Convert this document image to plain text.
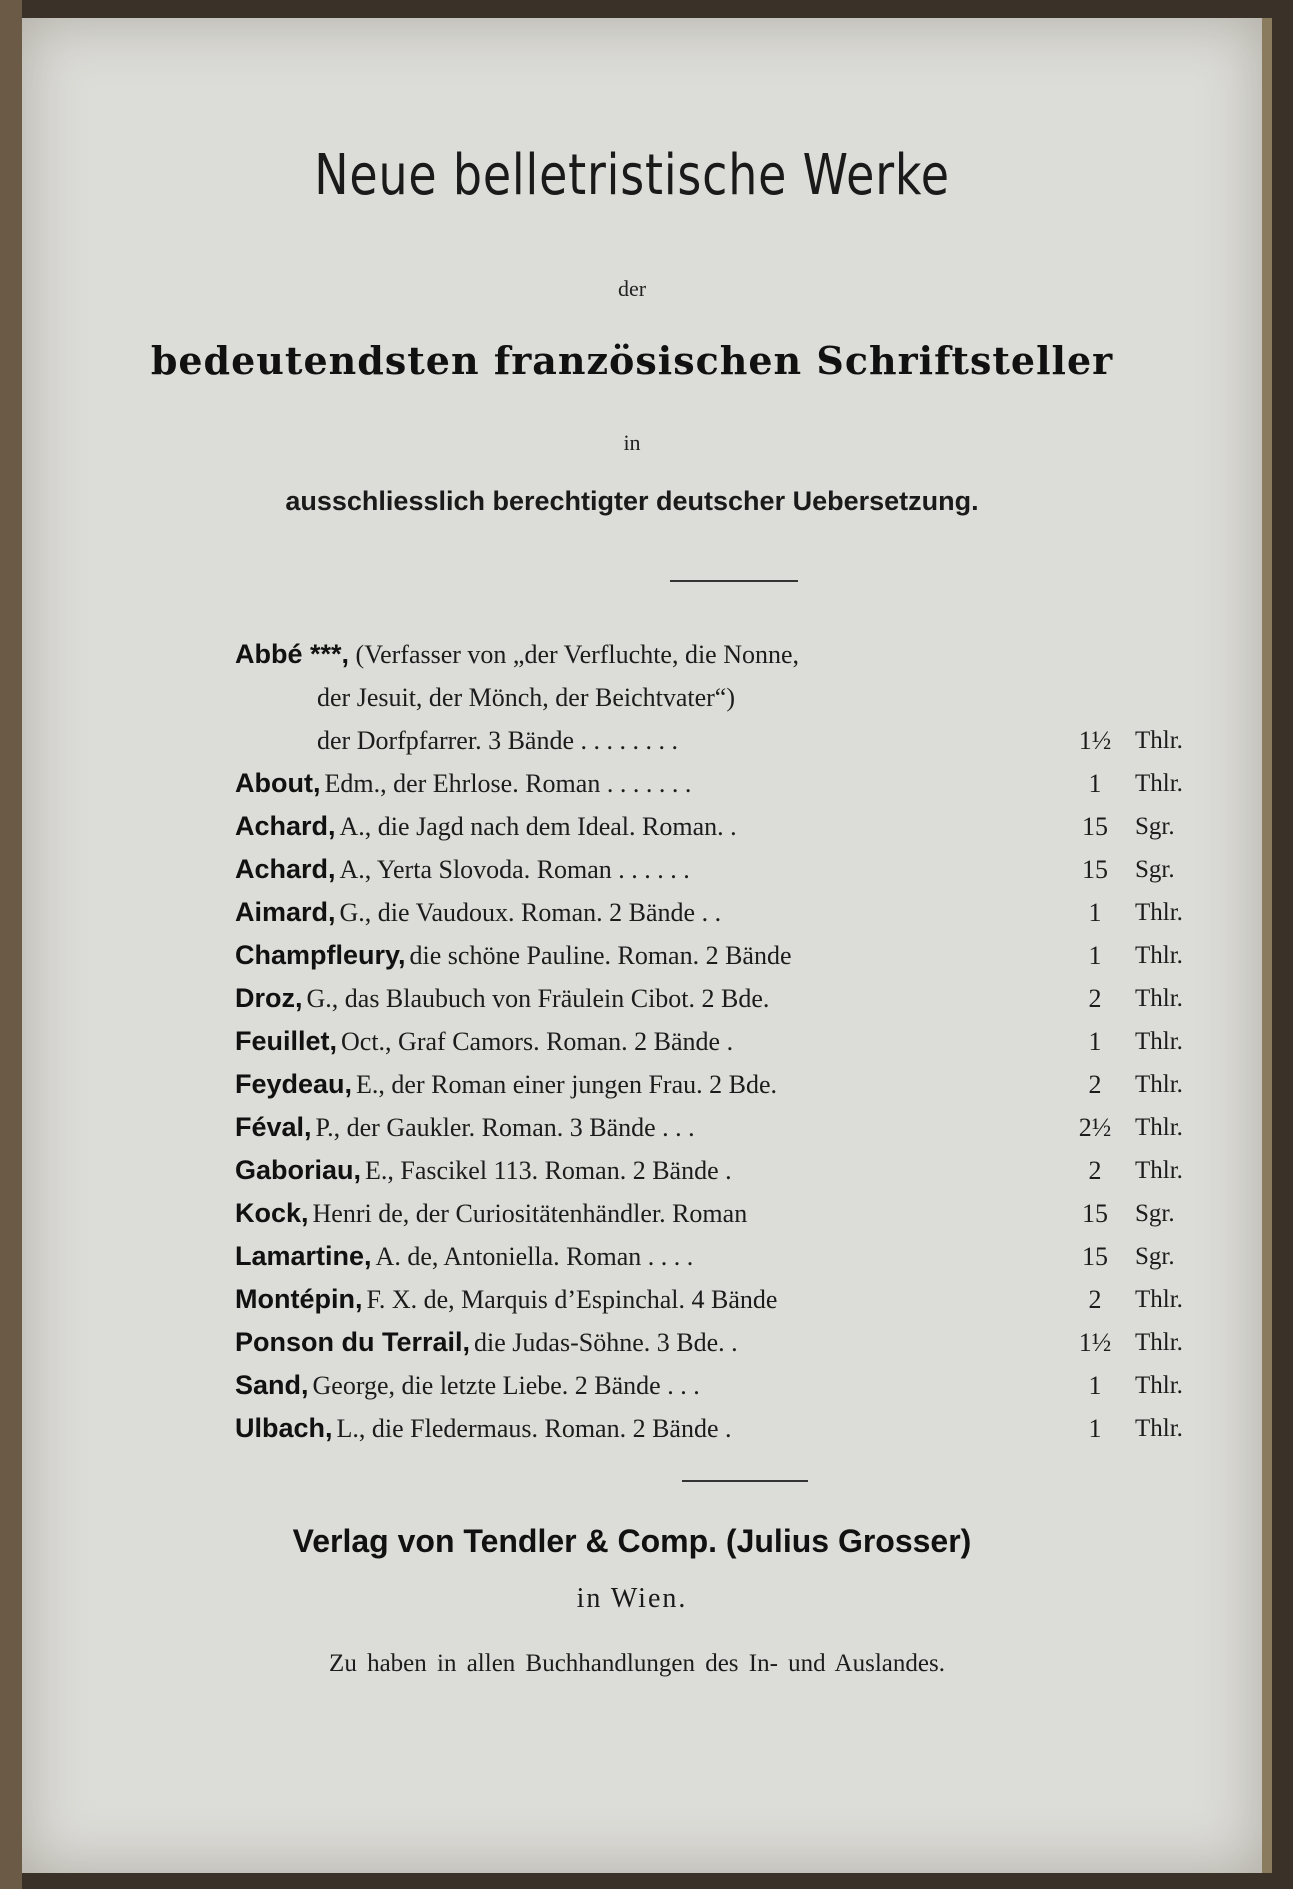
Neue belletristische Werke
der
bedeutendsten französischen Schriftsteller
in
ausschliesslich berechtigter deutscher Uebersetzung.
Abbé ***, (Verfasser von „der Verfluchte, die Nonne,
der Jesuit, der Mönch, der Beichtvater“)
der Dorfpfarrer. 3 Bände . . . . . . . .	1½ Thlr.
About, Edm., der Ehrlose. Roman . . . . . . .	1	Thlr.
Achard, A., die Jagd nach dem Ideal. Roman. .	15	Sgr.
Achard, A., Yerta Slovoda. Roman . . . . . .	15	Sgr.
Aimard, G., die Vaudoux. Roman. 2 Bände . .	1	Thlr.
Champfleury, die schöne Pauline. Roman. 2 Bände	1	Thlr.
Droz, G., das Blaubuch von Fräulein Cibot. 2 Bde.	2	Thlr.
Feuillet, Oct., Graf Camors. Roman. 2 Bände .	1	Thlr.
Feydeau, E., der Roman einer jungen Frau. 2 Bde.	2	Thlr.
Féval, P., der Gaukler. Roman. 3 Bände . . .	2½ Thlr.
Gaboriau, E., Fascikel 113. Roman. 2 Bände .	2	Thlr.
Kock, Henri de, der Curiositätenhändler. Roman	15	Sgr.
Lamartine, A. de, Antoniella. Roman . . . .	15	Sgr.
Montépin, F. X. de, Marquis d’Espinchal. 4 Bände	2	Thlr.
Ponson du Terrail, die Judas-Söhne. 3 Bde. .	1½ Thlr.
Sand, George, die letzte Liebe. 2 Bände . . .	1	Thlr.
Ulbach, L., die Fledermaus. Roman. 2 Bände .	1	Thlr.
Verlag von Tendler & Comp. (Julius Grosser)
in Wien.
Zu haben in allen Buchhandlungen des In- und Auslandes.
